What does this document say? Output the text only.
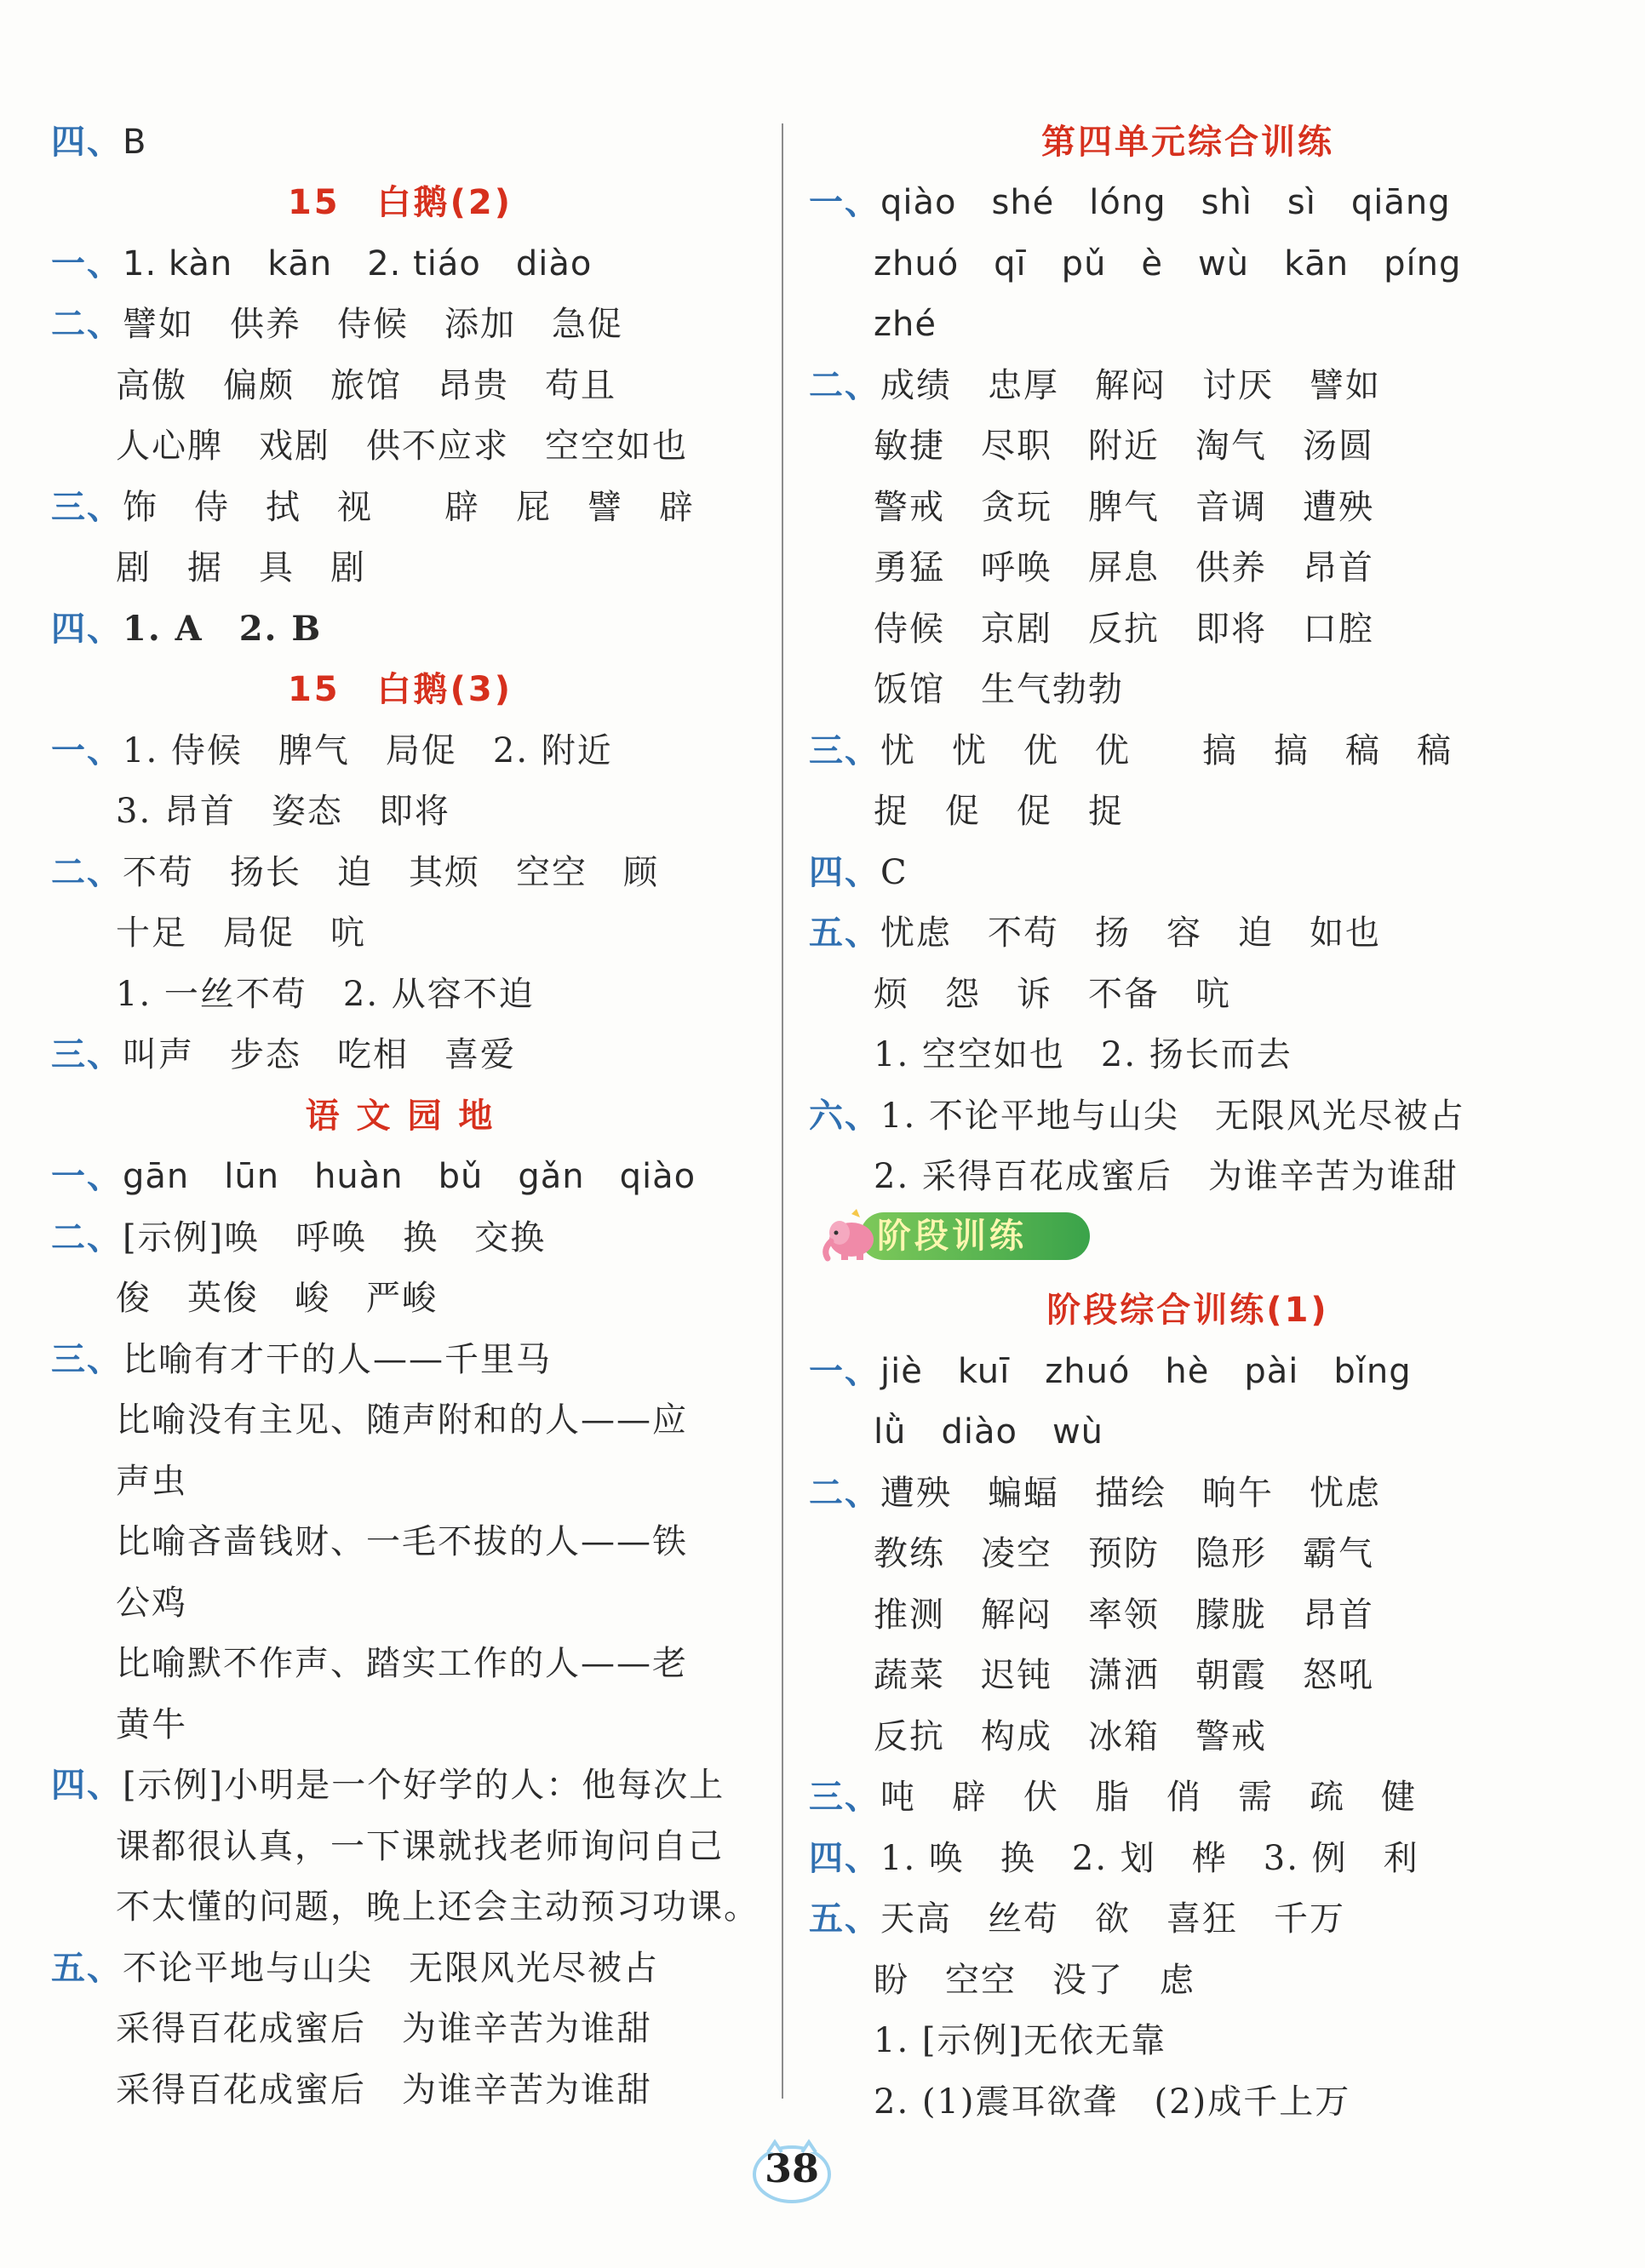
四、B
15　白鹅(2)
一、1. kàn　kān　2. tiáo　diào
二、譬如　供养　侍候　添加　急促
高傲　偏颇　旅馆　昂贵　苟且
人心脾　戏剧　供不应求　空空如也
三、饰　侍　拭　视　　辟　屁　譬　辟
剧　据　具　剧
四、1. A　2. B
15　白鹅(3)
一、1. 侍候　脾气　局促　2. 附近
3. 昂首　姿态　即将
二、不苟　扬长　迫　其烦　空空　顾
十足　局促　吭
1. 一丝不苟　2. 从容不迫
三、叫声　步态　吃相　喜爱
语 文 园 地
一、gān　lūn　huàn　bǔ　gǎn　qiào
二、[示例]唤　呼唤　换　交换
俊　英俊　峻　严峻
三、比喻有才干的人——千里马
比喻没有主见、随声附和的人——应
声虫
比喻吝啬钱财、一毛不拔的人——铁
公鸡
比喻默不作声、踏实工作的人——老
黄牛
四、[示例]小明是一个好学的人：他每次上
课都很认真，一下课就找老师询问自己
不太懂的问题，晚上还会主动预习功课。
五、不论平地与山尖　无限风光尽被占
采得百花成蜜后　为谁辛苦为谁甜
采得百花成蜜后　为谁辛苦为谁甜
第四单元综合训练
一、qiào　shé　lóng　shì　sì　qiāng
zhuó　qī　pǔ　è　wù　kān　píng
zhé
二、成绩　忠厚　解闷　讨厌　譬如
敏捷　尽职　附近　淘气　汤圆
警戒　贪玩　脾气　音调　遭殃
勇猛　呼唤　屏息　供养　昂首
侍候　京剧　反抗　即将　口腔
饭馆　生气勃勃
三、忧　忧　优　优　　搞　搞　稿　稿
捉　促　促　捉
四、C
五、忧虑　不苟　扬　容　迫　如也
烦　怨　诉　不备　吭
1. 空空如也　2. 扬长而去
六、1. 不论平地与山尖　无限风光尽被占
2. 采得百花成蜜后　为谁辛苦为谁甜
阶段综合训练(1)
一、jiè　kuī　zhuó　hè　pài　bǐng
lǜ　diào　wù
二、遭殃　蝙蝠　描绘　晌午　忧虑
教练　凌空　预防　隐形　霸气
推测　解闷　率领　朦胧　昂首
蔬菜　迟钝　潇洒　朝霞　怒吼
反抗　构成　冰箱　警戒
三、吨　辟　伏　脂　俏　需　疏　健
四、1. 唤　换　2. 划　桦　3. 例　利
五、天高　丝苟　欲　喜狂　千万
盼　空空　没了　虑
1. [示例]无依无靠
2. (1)震耳欲聋　(2)成千上万
阶段训练
38
